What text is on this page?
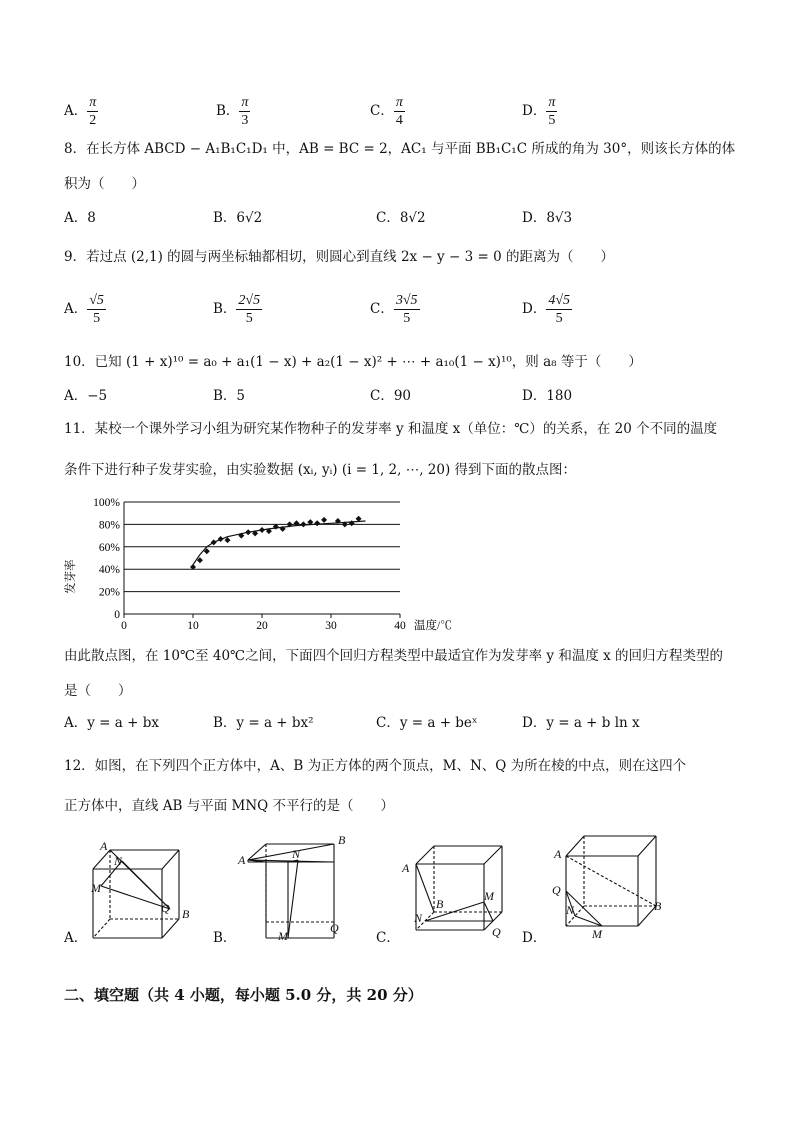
A． $\frac{\pi}{2}$	B． $\frac{\pi}{3}$	C． $\frac{\pi}{4}$	D． $\frac{\pi}{5}$
8．在长方体 ABCD − A₁B₁C₁D₁ 中，AB = BC = 2，AC₁ 与平面 BB₁C₁C 所成的角为 30°，则该长方体的体
积为（　　）
A．8	B．6√2	C．8√2	D．8√3
9．若过点 (2,1) 的圆与两坐标轴都相切，则圆心到直线 2x − y − 3 = 0 的距离为（　　）
A． $\frac{√5}{5}$	B． $\frac{2√5}{5}$	C． $\frac{3√5}{5}$	D． $\frac{4√5}{5}$
10．已知 (1 + x)¹⁰ = a₀ + a₁(1 − x) + a₂(1 − x)² + ⋯ + a₁₀(1 − x)¹⁰，则 a₈ 等于（　　）
A．−5	B．5	C．90	D．180
11．某校一个课外学习小组为研究某作物种子的发芽率 y 和温度 x（单位：℃）的关系，在 20 个不同的温度
条件下进行种子发芽实验，由实验数据 (xᵢ, yᵢ) (i = 1, 2, ⋯, 20) 得到下面的散点图：
0
20%
40%
60%
80%
100%
0	10	20	30	40 温度/℃
发芽率
由此散点图，在 10℃至 40℃之间，下面四个回归方程类型中最适宜作为发芽率 y 和温度 x 的回归方程类型的
是（　　）
A．y = a + bx	B．y = a + bx²	C．y = a + beˣ	D．y = a + b ln x
12．如图，在下列四个正方体中，A、B 为正方体的两个顶点，M、N、Q 为所在棱的中点，则在这四个
正方体中，直线 AB 与平面 MNQ 不平行的是（　　）
A
N
M
Q B
A．
A	N
B
Q
M
B．
A
B
M
N
Q
C．
A
Q
N	B
M
D．
二、填空题（共 4 小题，每小题 5.0 分，共 20 分）
